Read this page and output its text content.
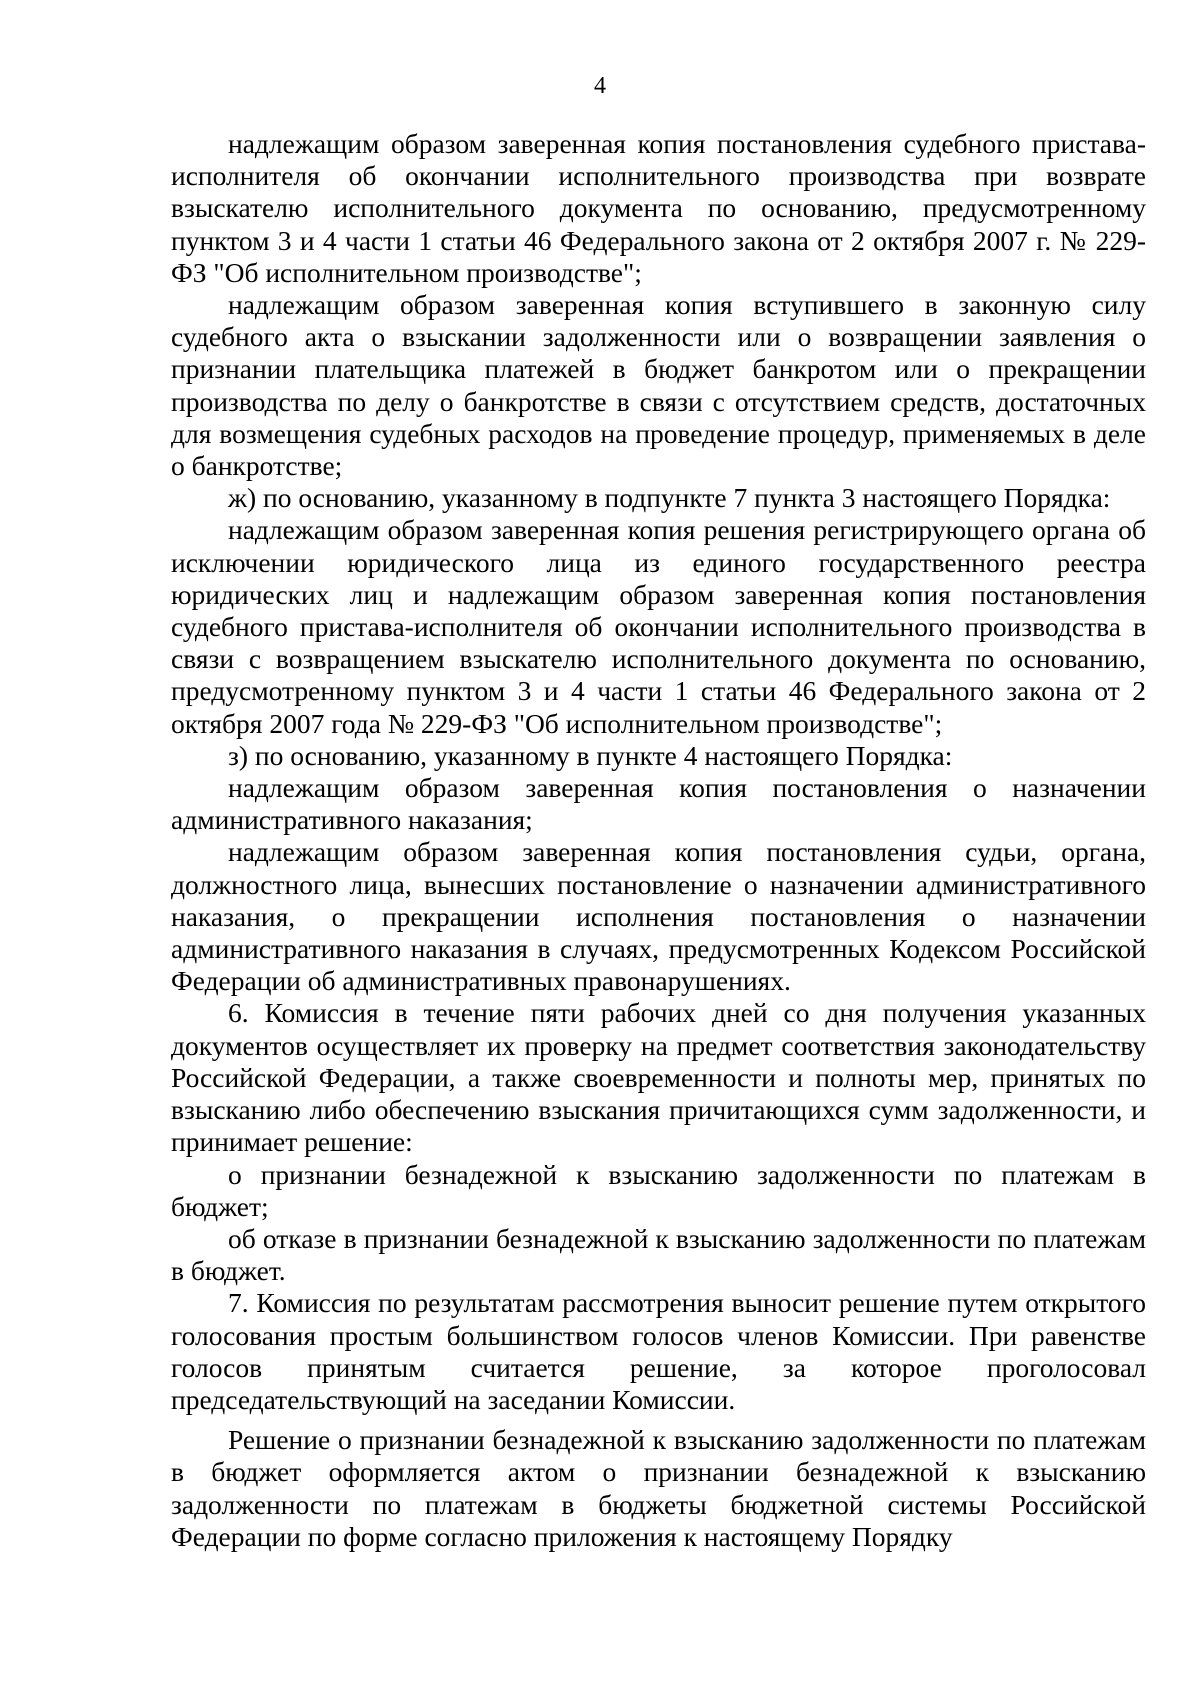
4

надлежащим образом заверенная копия постановления судебного пристава-исполнителя об окончании исполнительного производства при возврате взыскателю исполнительного документа по основанию, предусмотренному пунктом 3 и 4 части 1 статьи 46 Федерального закона от 2 октября 2007 г. № 229-ФЗ "Об исполнительном производстве";

надлежащим образом заверенная копия вступившего в законную силу судебного акта о взыскании задолженности или о возвращении заявления о признании плательщика платежей в бюджет банкротом или о прекращении производства по делу о банкротстве в связи с отсутствием средств, достаточных для возмещения судебных расходов на проведение процедур, применяемых в деле о банкротстве;

ж) по основанию, указанному в подпункте 7 пункта 3 настоящего Порядка:

надлежащим образом заверенная копия решения регистрирующего органа об исключении юридического лица из единого государственного реестра юридических лиц и надлежащим образом заверенная копия постановления судебного пристава-исполнителя об окончании исполнительного производства в связи с возвращением взыскателю исполнительного документа по основанию, предусмотренному пунктом 3 и 4 части 1 статьи 46 Федерального закона от 2 октября 2007 года № 229-ФЗ "Об исполнительном производстве";

з) по основанию, указанному в пункте 4 настоящего Порядка:

надлежащим образом заверенная копия постановления о назначении административного наказания;

надлежащим образом заверенная копия постановления судьи, органа, должностного лица, вынесших постановление о назначении административного наказания, о прекращении исполнения постановления о назначении административного наказания в случаях, предусмотренных Кодексом Российской Федерации об административных правонарушениях.

6. Комиссия в течение пяти рабочих дней со дня получения указанных документов осуществляет их проверку на предмет соответствия законодательству Российской Федерации, а также своевременности и полноты мер, принятых по взысканию либо обеспечению взыскания причитающихся сумм задолженности, и принимает решение:

о признании безнадежной к взысканию задолженности по платежам в бюджет;

об отказе в признании безнадежной к взысканию задолженности по платежам в бюджет.

7. Комиссия по результатам рассмотрения выносит решение путем открытого голосования простым большинством голосов членов Комиссии. При равенстве голосов принятым считается решение, за которое проголосовал председательствующий на заседании Комиссии.

Решение о признании безнадежной к взысканию задолженности по платежам в бюджет оформляется актом о признании безнадежной к взысканию задолженности по платежам в бюджеты бюджетной системы Российской Федерации по форме согласно приложения к настоящему Порядку
